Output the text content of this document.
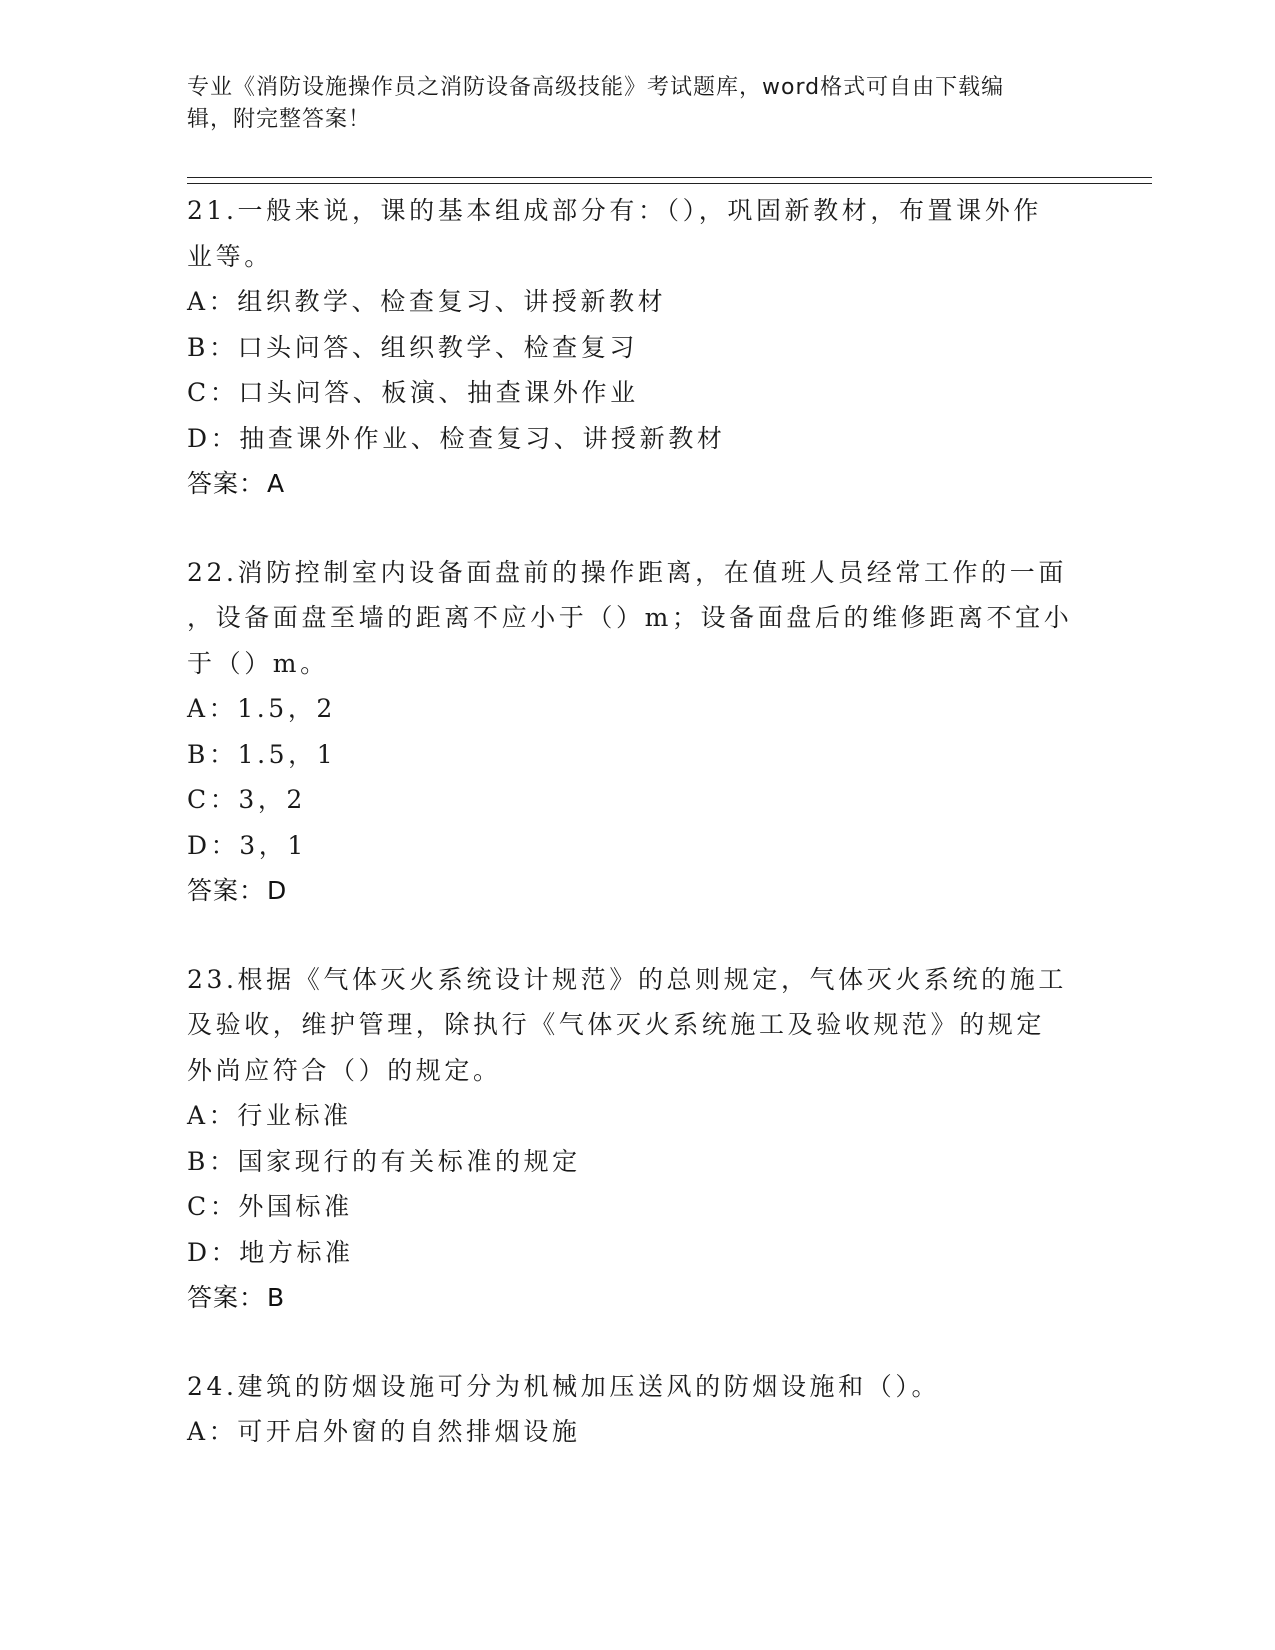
专业《消防设施操作员之消防设备高级技能》考试题库，word格式可自由下载编
辑，附完整答案！
21.一般来说，课的基本组成部分有：（），巩固新教材，布置课外作
业等。
A：组织教学、检查复习、讲授新教材
B：口头问答、组织教学、检查复习
C：口头问答、板演、抽查课外作业
D：抽查课外作业、检查复习、讲授新教材
答案：A
22.消防控制室内设备面盘前的操作距离，在值班人员经常工作的一面
，设备面盘至墙的距离不应小于（）m；设备面盘后的维修距离不宜小
于（）m。
A：1.5，2
B：1.5，1
C：3，2
D：3，1
答案：D
23.根据《气体灭火系统设计规范》的总则规定，气体灭火系统的施工
及验收，维护管理，除执行《气体灭火系统施工及验收规范》的规定
外尚应符合（）的规定。
A：行业标准
B：国家现行的有关标准的规定
C：外国标准
D：地方标准
答案：B
24.建筑的防烟设施可分为机械加压送风的防烟设施和（）。
A：可开启外窗的自然排烟设施
